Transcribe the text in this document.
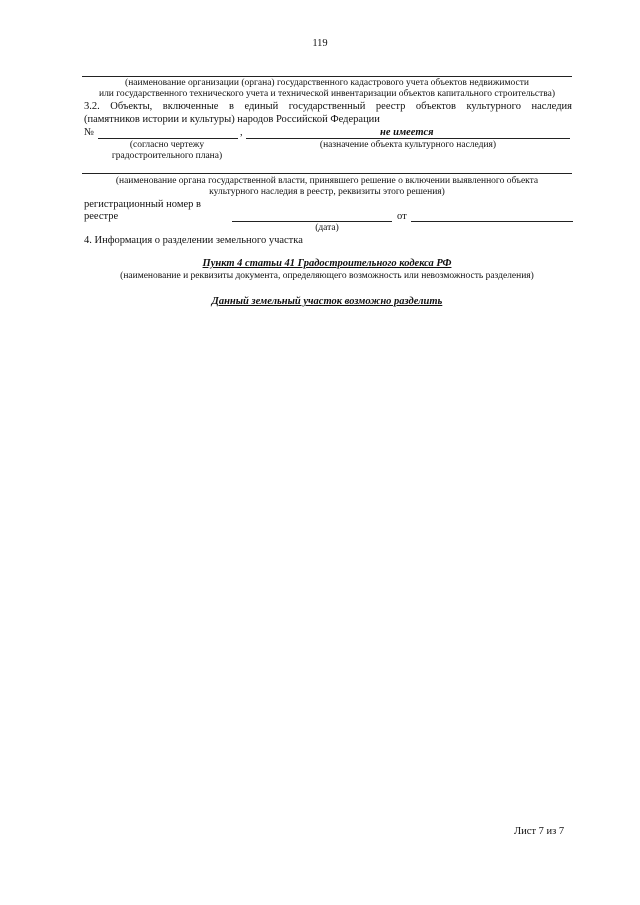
119
(наименование организации (органа) государственного кадастрового учета объектов недвижимости
или государственного технического учета и технической инвентаризации объектов капитального строительства)
3.2. Объекты, включенные в единый государственный реестр объектов культурного наследия
(памятников истории и культуры) народов Российской Федерации
№	,	не имеется
(согласно чертежу
градостроительного плана)
(назначение объекта культурного наследия)
(наименование органа государственной власти, принявшего решение о включении выявленного объекта
культурного наследия в реестр, реквизиты этого решения)
регистрационный номер в
реестре	от
(дата)
4. Информация о разделении земельного участка
Пункт 4 статьи 41 Градостроительного кодекса РФ
(наименование и реквизиты документа, определяющего возможность или невозможность разделения)
Данный земельный участок возможно разделить
Лист 7 из 7
